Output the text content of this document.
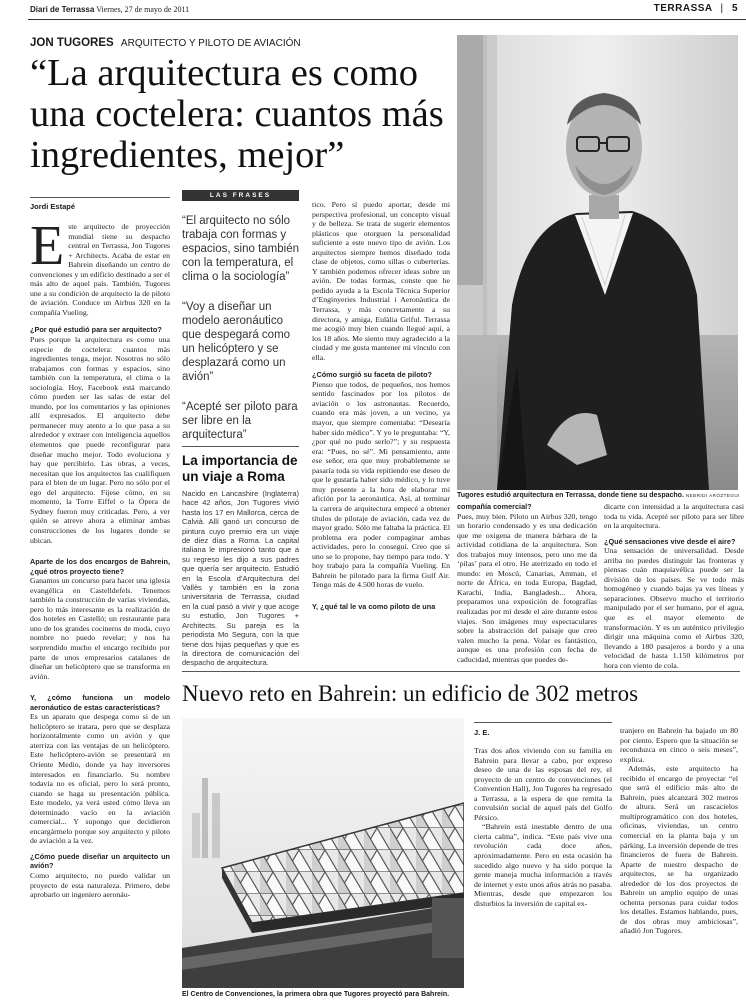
Diari de Terrassa Viernes, 27 de mayo de 2011	TERRASSA | 5
JON TUGORES ARQUITECTO Y PILOTO DE AVIACIÓN
“La arquitectura es como una coctelera: cuantos más ingredientes, mejor”
Jordi Estapé

Este arquitecto de proyección mundial tiene su despacho central en Terrassa, Jon Tugores + Architects. Acaba de estar en Bahrein diseñando un centro de convenciones y un edificio destinado a ser el más alto de aquel país. También, Tugores une a su condición de arquitecto la de piloto de aviación. Conduce un Airbus 320 en la compañía Vueling.

¿Por qué estudió para ser arquitecto?

Pues porque la arquitectura es como una especie de coctelera: cuantos más ingredientes tenga, mejor. Nosotros no sólo trabajamos con formas y espacios, sino también con la temperatura, el clima o la sociología. Hoy, Facebook está marcando cómo pueden ser las salas de estar del mundo, por los comentarios y las opiniones allí expresados. El arquitecto debe permanecer muy atento a lo que pasa a su alrededor y extraer con inteligencia aquellos elementos que puede reconfigurar para diseñar mucho mejor. Todo evoluciona y hay que percibirlo. Las obras, a veces, necesitan que los arquitectos las cualifiquen para el bien de un lugar. Pero no sólo por el ego del arquitecto. Fíjese cómo, en su momento, la Torre Eiffel o la Ópera de Sydney fueron muy criticadas. Pero, a ver quién se atreve ahora a eliminar ambas construcciones de los lugares donde se ubican.

Aparte de los dos encargos de Bahrein, ¿qué otros proyecto tiene?

Ganamos un concurso para hacer una iglesia evangélica en Castelldefels. Tenemos también la construcción de varias viviendas, pero lo más interesante es la realización de dos hoteles en Castelló; un restaurante para uno de los grandes cocineros de moda, cuyo nombre no puedo revelar; y nos ha sorprendido mucho el encargo recibido por parte de unos empresarios catalanes de diseñar un helicóptero que se transforma en avión.

Y, ¿cómo funciona un modelo aeronáutico de estas características?

Es un aparato que despega como si de un helicóptero se tratara, pero que se desplaza horizontalmente como un avión y que aterriza con las ventajas de un helicóptero. Este helicóptero-avión se presentará en Oriente Medio, donde ya hay inversores interesados en financiarlo. Su nombre todavía no es oficial, pero lo será pronto, cuando se haga su presentación pública. Este modelo, ya verá usted cómo lleva un determinado vacío en la aviación comercial... Y supongo que decidieron encargármelo porque soy arquitecto y piloto de aviación a la vez.

¿Cómo puede diseñar un arquitecto un avión?

Como arquitecto, no puedo validar un proyecto de esta naturaleza. Primero, debe aprobarlo un ingeniero aeronáu-

LAS FRASES
“El arquitecto no sólo trabaja con formas y espacios, sino también con la temperatura, el clima o la sociología”
“Voy a diseñar un modelo aeronáutico que despegará como un helicóptero y se desplazará como un avión”
“Acepté ser piloto para ser libre en la arquitectura”
La importancia de un viaje a Roma
Nacido en Lancashire (Inglaterra) hace 42 años, Jon Tugores vivió hasta los 17 en Mallorca, cerca de Calvià. Allí ganó un concurso de pintura cuyo premio era un viaje de diez días a Roma. La capital italiana le impresionó tanto que a su regreso les dijo a sus padres que quería ser arquitecto. Estudió en la Escola d’Arquitectura del Vallès y también en la zona universitaria de Terrassa, ciudad en la cual pasó a vivir y que acoge su estudio, Jon Tugores + Architects. Su pareja es la periodista Mo Segura, con la que tiene dos hijas pequeñas y que es la directora de comunicación del despacho de arquitectura.

tico. Pero sí puedo aportar, desde mi perspectiva profesional, un concepto visual y de belleza. Se trata de sugerir elementos plásticos que otorguen la personalidad suficiente a este nuevo tipo de avión. Los arquitectos siempre hemos diseñado toda clase de objetos, como sillas o cuberterías. Y también podemos ofrecer ideas sobre un avión. De todas formas, conste que he pedido ayuda a la Escola Tècnica Superior d’Enginyeries Industrial i Aeronàutica de Terrassa, y más concretamente a su directora, y amiga, Eulàlia Griful. Terrassa me acogió muy bien cuando llegué aquí, a los 18 años. Me siento muy agradecido a la ciudad y me gusta mantener mi vínculo con ella.

¿Cómo surgió su faceta de piloto?

Pienso que todos, de pequeños, nos hemos sentido fascinados por los pilotos de aviación o los astronautas. Recuerdo, cuando era más joven, a un vecino, ya mayor, que siempre comentaba: “Desearía haber sido médico”. Y yo le preguntaba: “Y, ¿por qué no pudo serlo?”; y su respuesta era: “Pues, no sé”. Mi pensamiento, ante ese señor, era que muy probablemente se pasaría toda su vida repitiendo ese deseo de que le gustaría haber sido médico, y lo tuve muy presente a la hora de elaborar mi afición por la aeronáutica. Así, al terminar la carrera de arquitectura empecé a obtener títulos de pilotaje de aviación, cada vez de mayor grado. Sólo me faltaba la práctica. El problema era poder compaginar ambas actividades, pero lo conseguí. Creo que si uno se lo propone, hay tiempo para todo. Y hoy trabajo para la compañía Vueling. En Bahrein he pilotado para la firma Gulf Air. Tengo más de 4.500 horas de vuelo.

Y, ¿qué tal le va como piloto de una

Tugores estudió arquitectura en Terrassa, donde tiene su despacho. NEBRIDI ARÓZTEGUI

compañía comercial?

Pues, muy bien. Piloto un Airbus 320, tengo un horario condensado y es una dedicación que me oxigena de manera bárbara de la actividad cotidiana de la arquitectura. Son dos trabajos muy intensos, pero uno me da ‘pilas’ para el otro. He aterrizado en todo el mundo: en Moscú, Canarias, Amman, el norte de África, en toda Europa, Bagdad, Karachi, India, Bangladesh... Ahora, preparamos una exposición de fotografías realizadas por mí desde el aire durante estos viajes. Son imágenes muy espectaculares sobre la abstracción del paisaje que creo valen mucho la pena. Volar es fantástico, aunque es una profesión con fecha de caducidad, mientras que puedes de-

dicarte con intensidad a la arquitectura casi toda tu vida. Acepté ser piloto para ser libre en la arquitectura.

¿Qué sensaciones vive desde el aire?

Una sensación de universalidad. Desde arriba no puedes distinguir las fronteras y piensas cuán maquiavélica puede ser la división de los países. Se ve todo más homogéneo y cuando bajas ya ves líneas y separaciones. Observo mucho el territorio manipulado por el ser humano, por el agua, que es el mayor elemento de transformación. Y es un auténtico privilegio dirigir una máquina como el Airbus 320, llevando a 180 pasajeros a bordo y a una velocidad de hasta 1.150 kilómetros por hora con viento de cola.

Nuevo reto en Bahrein: un edificio de 302 metros
El Centro de Convenciones, la primera obra que Tugores proyectó para Bahrein.
J. E.

Tras dos años viviendo con su familia en Bahrein para llevar a cabo, por expreso deseo de una de las esposas del rey, el proyecto de un centro de convenciones (el Convention Hall), Jon Tugores ha regresado a Terrassa, a la espera de que remita la convulsión social de aquel país del Golfo Pérsico.

“Bahrein está inestable dentro de una cierta calma”, indica. “Este país vive una revolución cada doce años, aproximadamente. Pero en esta ocasión ha sucedido algo nuevo y ha sido porque la gente maneja mucha información a través de internet y esto unos años atrás no pasaba. Mientras, desde que empezaron los disturbios la inversión de capital ex-

tranjero en Bahrein ha bajado un 80 por ciento. Espero que la situación se reconduzca en cinco o seis meses”, explica.

Además, este arquitecto ha recibido el encargo de proyectar “el que será el edificio más alto de Bahrein, pues alcanzará 302 metros de altura. Será un rascacielos multiprogramático con dos hoteles, oficinas, viviendas, un centro comercial en la planta baja y un párking. La inversión depende de tres financieros de fuera de Bahrein. Aparte de nuestro despacho de arquitectos, se ha organizado alrededor de los dos proyectos de Bahrein un amplio equipo de unas ochenta personas para cuidar todos los detalles. Estamos hablando, pues, de dos obras muy ambiciosas”, añadió Jon Tugores.
